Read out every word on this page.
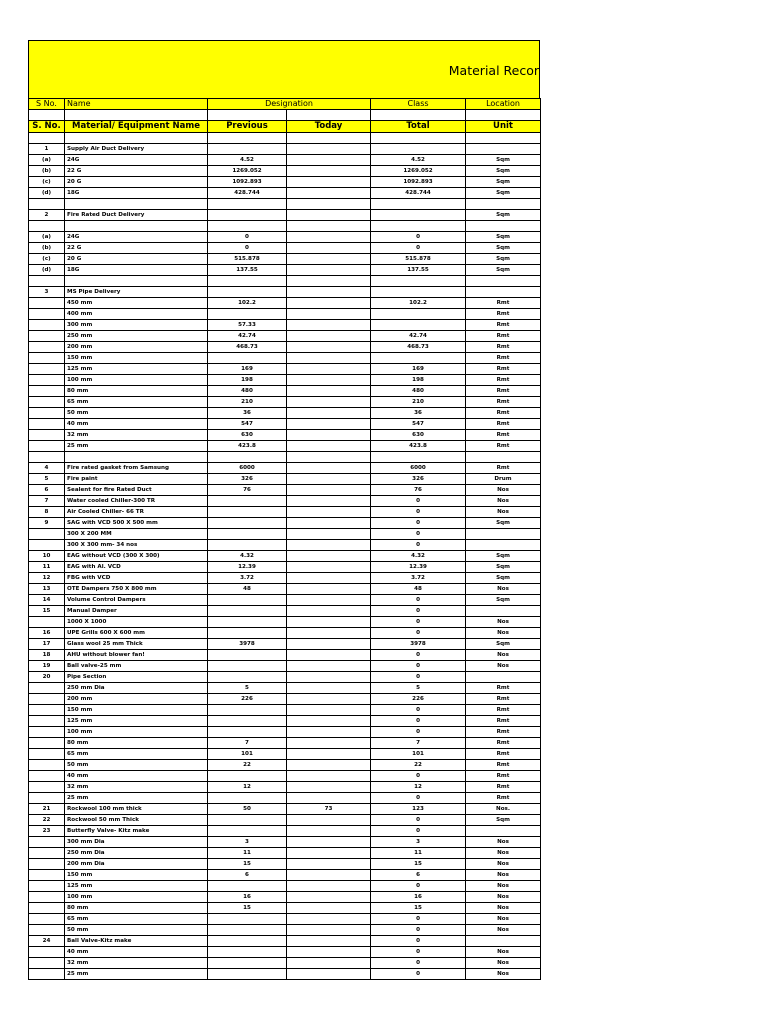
Material Recor
S No.	Name	Designation		Class	Location

S. No.	Material/ Equipment Name	Previous	Today	Total	Unit

1	Supply Air Duct Delivery				
(a)	24G	4.52		4.52	Sqm
(b)	22 G	1269.052		1269.052	Sqm
(c)	20 G	1092.893		1092.893	Sqm
(d)	18G	428.744		428.744	Sqm

2	Fire Rated Duct Delivery				Sqm

(a)	24G	0		0	Sqm
(b)	22 G	0		0	Sqm
(c)	20 G	515.878		515.878	Sqm
(d)	18G	137.55		137.55	Sqm

3	MS Pipe Delivery				
	450 mm	102.2		102.2	Rmt
	400 mm				Rmt
	300 mm	57.33			Rmt
	250 mm	42.74		42.74	Rmt
	200 mm	468.73		468.73	Rmt
	150 mm				Rmt
	125 mm	169		169	Rmt
	100 mm	198		198	Rmt
	80 mm	480		480	Rmt
	65 mm	210		210	Rmt
	50 mm	36		36	Rmt
	40 mm	547		547	Rmt
	32 mm	630		630	Rmt
	25 mm	423.8		423.8	Rmt

4	Fire rated gasket from Samsung	6000		6000	Rmt
5	Fire paint	326		326	Drum
6	Sealent for fire Rated Duct	76		76	Nos
7	Water cooled Chiller-300 TR			0	Nos
8	Air Cooled Chiller- 66 TR			0	Nos
9	SAG with VCD 500 X 500 mm			0	Sqm
	300 X 200 MM			0	
	300 X 300 mm- 34 nos			0	
10	EAG without VCD (300 X 300)	4.32		4.32	Sqm
11	EAG with Al. VCD	12.39		12.39	Sqm
12	FBG with VCD	3.72		3.72	Sqm
13	OTE Dampers 750 X 800 mm	48		48	Nos
14	Volume Control Dampers			0	Sqm
15	Manual Damper			0	
	1000 X 1000			0	Nos
16	UPE Grills 600 X 600 mm			0	Nos
17	Glass wool 25 mm Thick	3978		3978	Sqm
18	AHU without blower fan!			0	Nos
19	Ball valve-25 mm			0	Nos
20	Pipe Section			0	
	250 mm Dia	5		5	Rmt
	200 mm	226		226	Rmt
	150 mm			0	Rmt
	125 mm			0	Rmt
	100 mm			0	Rmt
	80 mm	7		7	Rmt
	65 mm	101		101	Rmt
	50 mm	22		22	Rmt
	40 mm			0	Rmt
	32 mm	12		12	Rmt
	25 mm			0	Rmt
21	Rockwool 100 mm thick	50	73	123	Nos.
22	Rockwool 50 mm Thick			0	Sqm
23	Butterfly Valve- Kitz make			0	
	300 mm Dia	3		3	Nos
	250 mm Dia	11		11	Nos
	200 mm Dia	15		15	Nos
	150 mm	6		6	Nos
	125 mm			0	Nos
	100 mm	16		16	Nos
	80 mm	15		15	Nos
	65 mm			0	Nos
	50 mm			0	Nos
24	Ball Valve-Kitz make			0	
	40 mm			0	Nos
	32 mm			0	Nos
	25 mm			0	Nos
